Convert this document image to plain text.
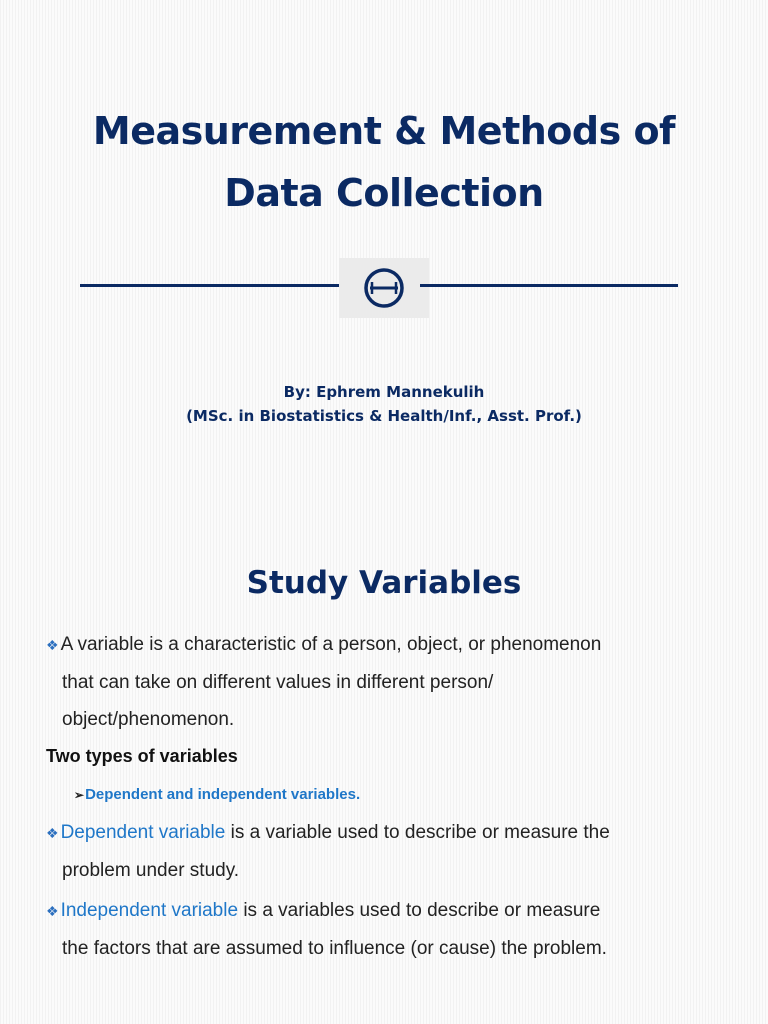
Measurement & Methods of
Data Collection
By: Ephrem Mannekulih
(MSc. in Biostatistics & Health/Inf., Asst. Prof.)
Study Variables

❖ A variable is a characteristic of a person, object, or phenomenon
that can take on different values in different person/
object/phenomenon.

Two types of variables

➢Dependent and independent variables.

❖ Dependent variable is a variable used to describe or measure the
problem under study.

❖ Independent variable is a variables used to describe or measure
the factors that are assumed to influence (or cause) the problem.
